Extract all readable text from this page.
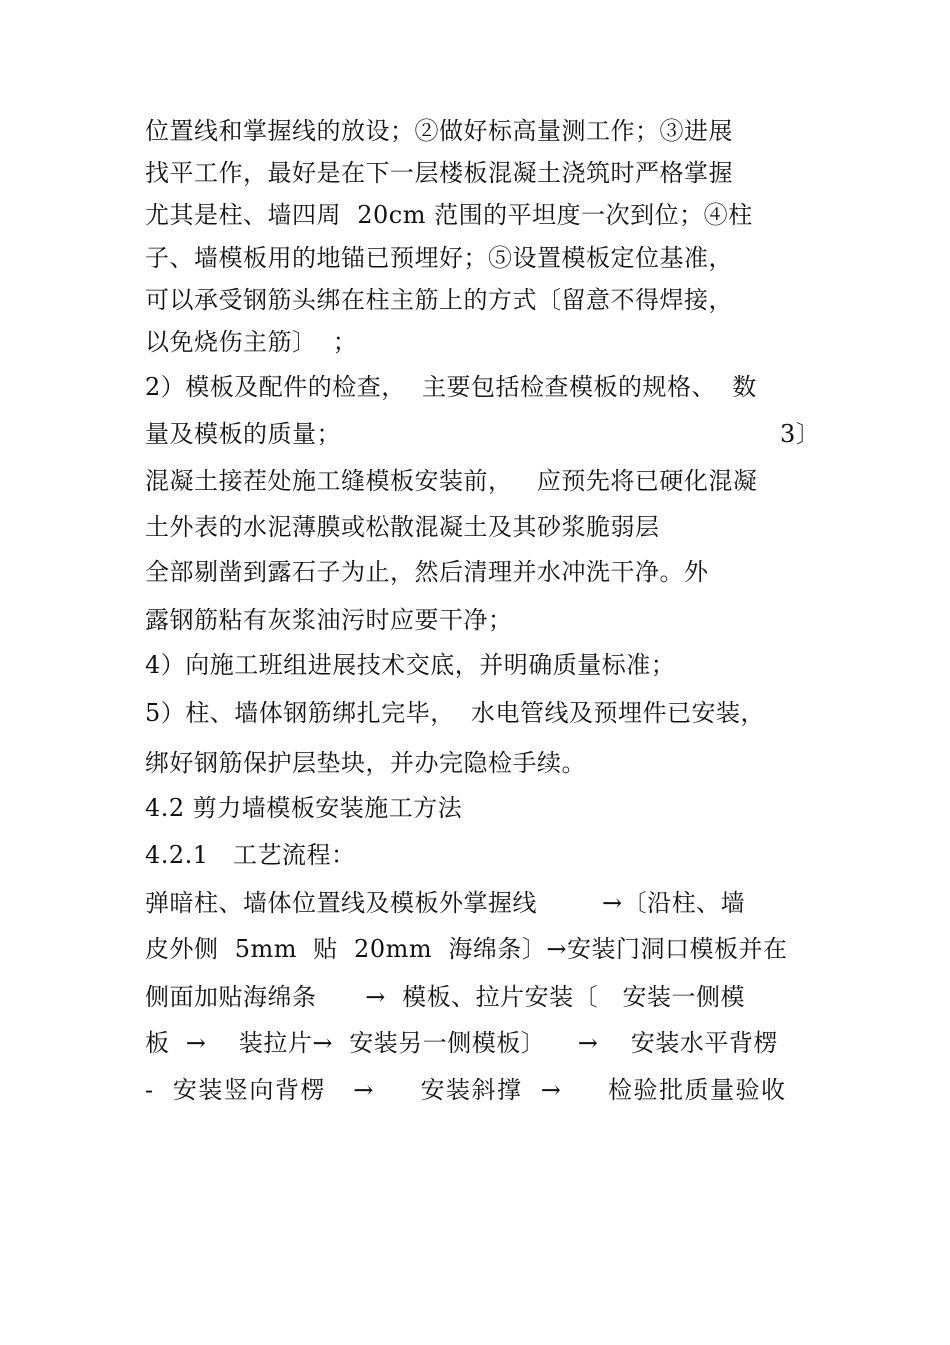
位置线和掌握线的放设；②做好标高量测工作；③进展
找平工作，最好是在下一层楼板混凝土浇筑时严格掌握
尤其是柱、墙四周  20cm 范围的平坦度一次到位；④柱
子、墙模板用的地锚已预埋好；⑤设置模板定位基准，
可以承受钢筋头绑在柱主筋上的方式〔留意不得焊接，
以免烧伤主筋〕  ；
2）模板及配件的检查，  主要包括检查模板的规格、  数
量及模板的质量；                                                      3〕
混凝土接茬处施工缝模板安装前，   应预先将已硬化混凝
土外表的水泥薄膜或松散混凝土及其砂浆脆弱层
全部剔凿到露石子为止，然后清理并水冲洗干净。外
露钢筋粘有灰浆油污时应要干净；
4）向施工班组进展技术交底，并明确质量标准；
5）柱、墙体钢筋绑扎完毕，  水电管线及预埋件已安装，
绑好钢筋保护层垫块，并办完隐检手续。
4.2 剪力墙模板安装施工方法
4.2.1   工艺流程：
弹暗柱、墙体位置线及模板外掌握线        →〔沿柱、墙
皮外侧  5mm  贴  20mm  海绵条〕→安装门洞口模板并在
侧面加贴海绵条      →  模板、拉片安装〔   安装一侧模
板  →    装拉片→  安装另一侧模板〕    →    安装水平背楞
-  安装竖向背楞   →     安装斜撑  →     检验批质量验收
